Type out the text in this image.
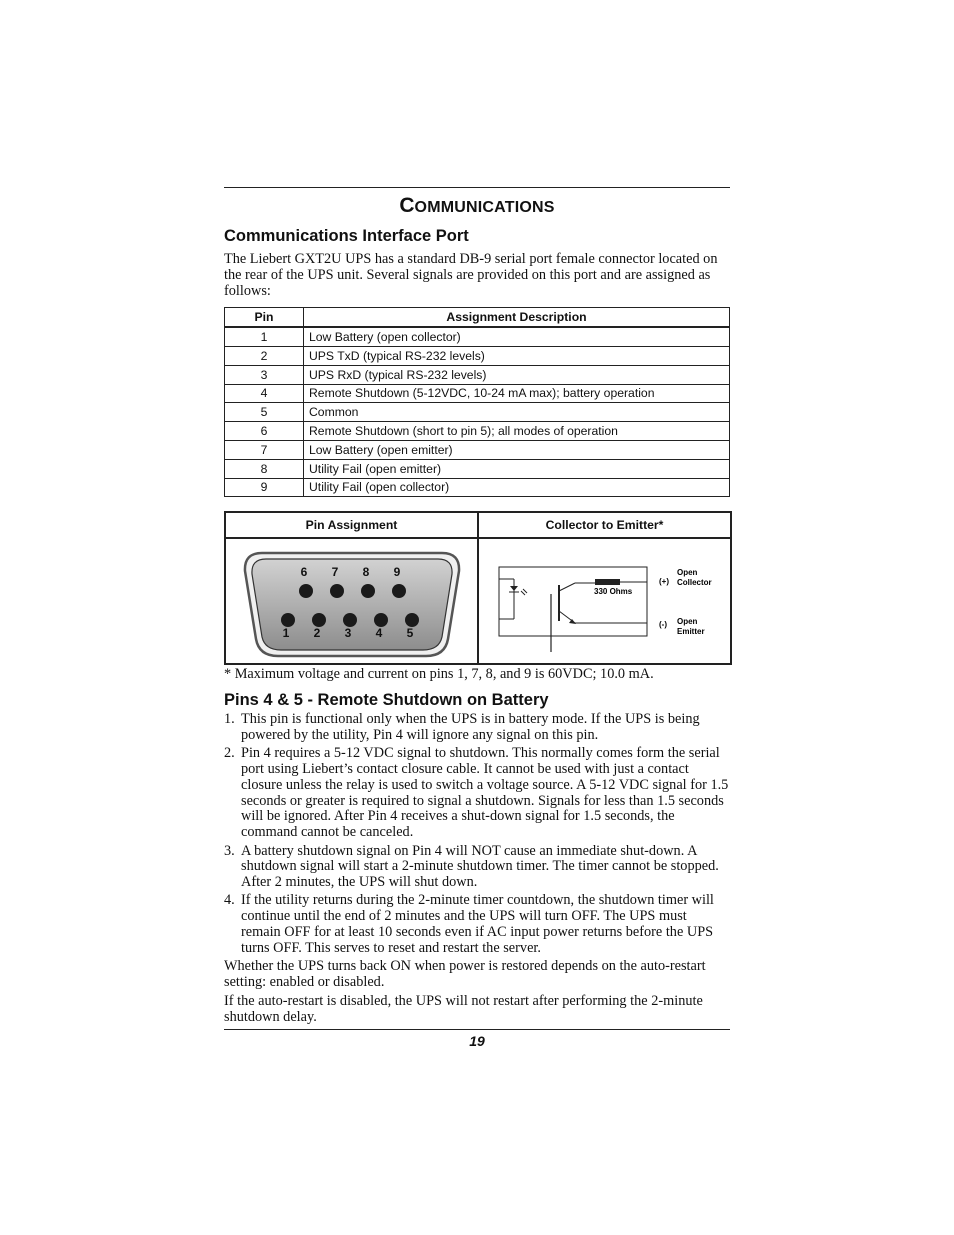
COMMUNICATIONS
Communications Interface Port

The Liebert GXT2U UPS has a standard DB-9 serial port female connector located on the rear of the UPS unit. Several signals are provided on this port and are assigned as follows:

Pin	Assignment Description
1	Low Battery (open collector)
2	UPS TxD (typical RS-232 levels)
3	UPS RxD (typical RS-232 levels)
4	Remote Shutdown (5-12VDC, 10-24 mA max); battery operation
5	Common
6	Remote Shutdown (short to pin 5); all modes of operation
7	Low Battery (open emitter)
8	Utility Fail (open emitter)
9	Utility Fail (open collector)
Pin Assignment	Collector to Emitter*
6 7 8 9
1 2 3 4 5
330 Ohms
(+)
(-)
Open
Collector
Open
Emitter

* Maximum voltage and current on pins 1, 7, 8, and 9 is 60VDC; 10.0 mA.

Pins 4 & 5 - Remote Shutdown on Battery
1. This pin is functional only when the UPS is in battery mode. If the UPS is being powered by the utility, Pin 4 will ignore any signal on this pin.
2. Pin 4 requires a 5-12 VDC signal to shutdown. This normally comes form the serial port using Liebert’s contact closure cable. It cannot be used with just a contact closure unless the relay is used to switch a voltage source. A 5-12 VDC signal for 1.5 seconds or greater is required to signal a shutdown. Signals for less than 1.5 seconds will be ignored. After Pin 4 receives a shut-down signal for 1.5 seconds, the command cannot be canceled.
3. A battery shutdown signal on Pin 4 will NOT cause an immediate shut-down. A shutdown signal will start a 2-minute shutdown timer. The timer cannot be stopped. After 2 minutes, the UPS will shut down.
4. If the utility returns during the 2-minute timer countdown, the shutdown timer will continue until the end of 2 minutes and the UPS will turn OFF. The UPS must remain OFF for at least 10 seconds even if AC input power returns before the UPS turns OFF. This serves to reset and restart the server.

Whether the UPS turns back ON when power is restored depends on the auto-restart setting: enabled or disabled.

If the auto-restart is disabled, the UPS will not restart after performing the 2-minute shutdown delay.

19
